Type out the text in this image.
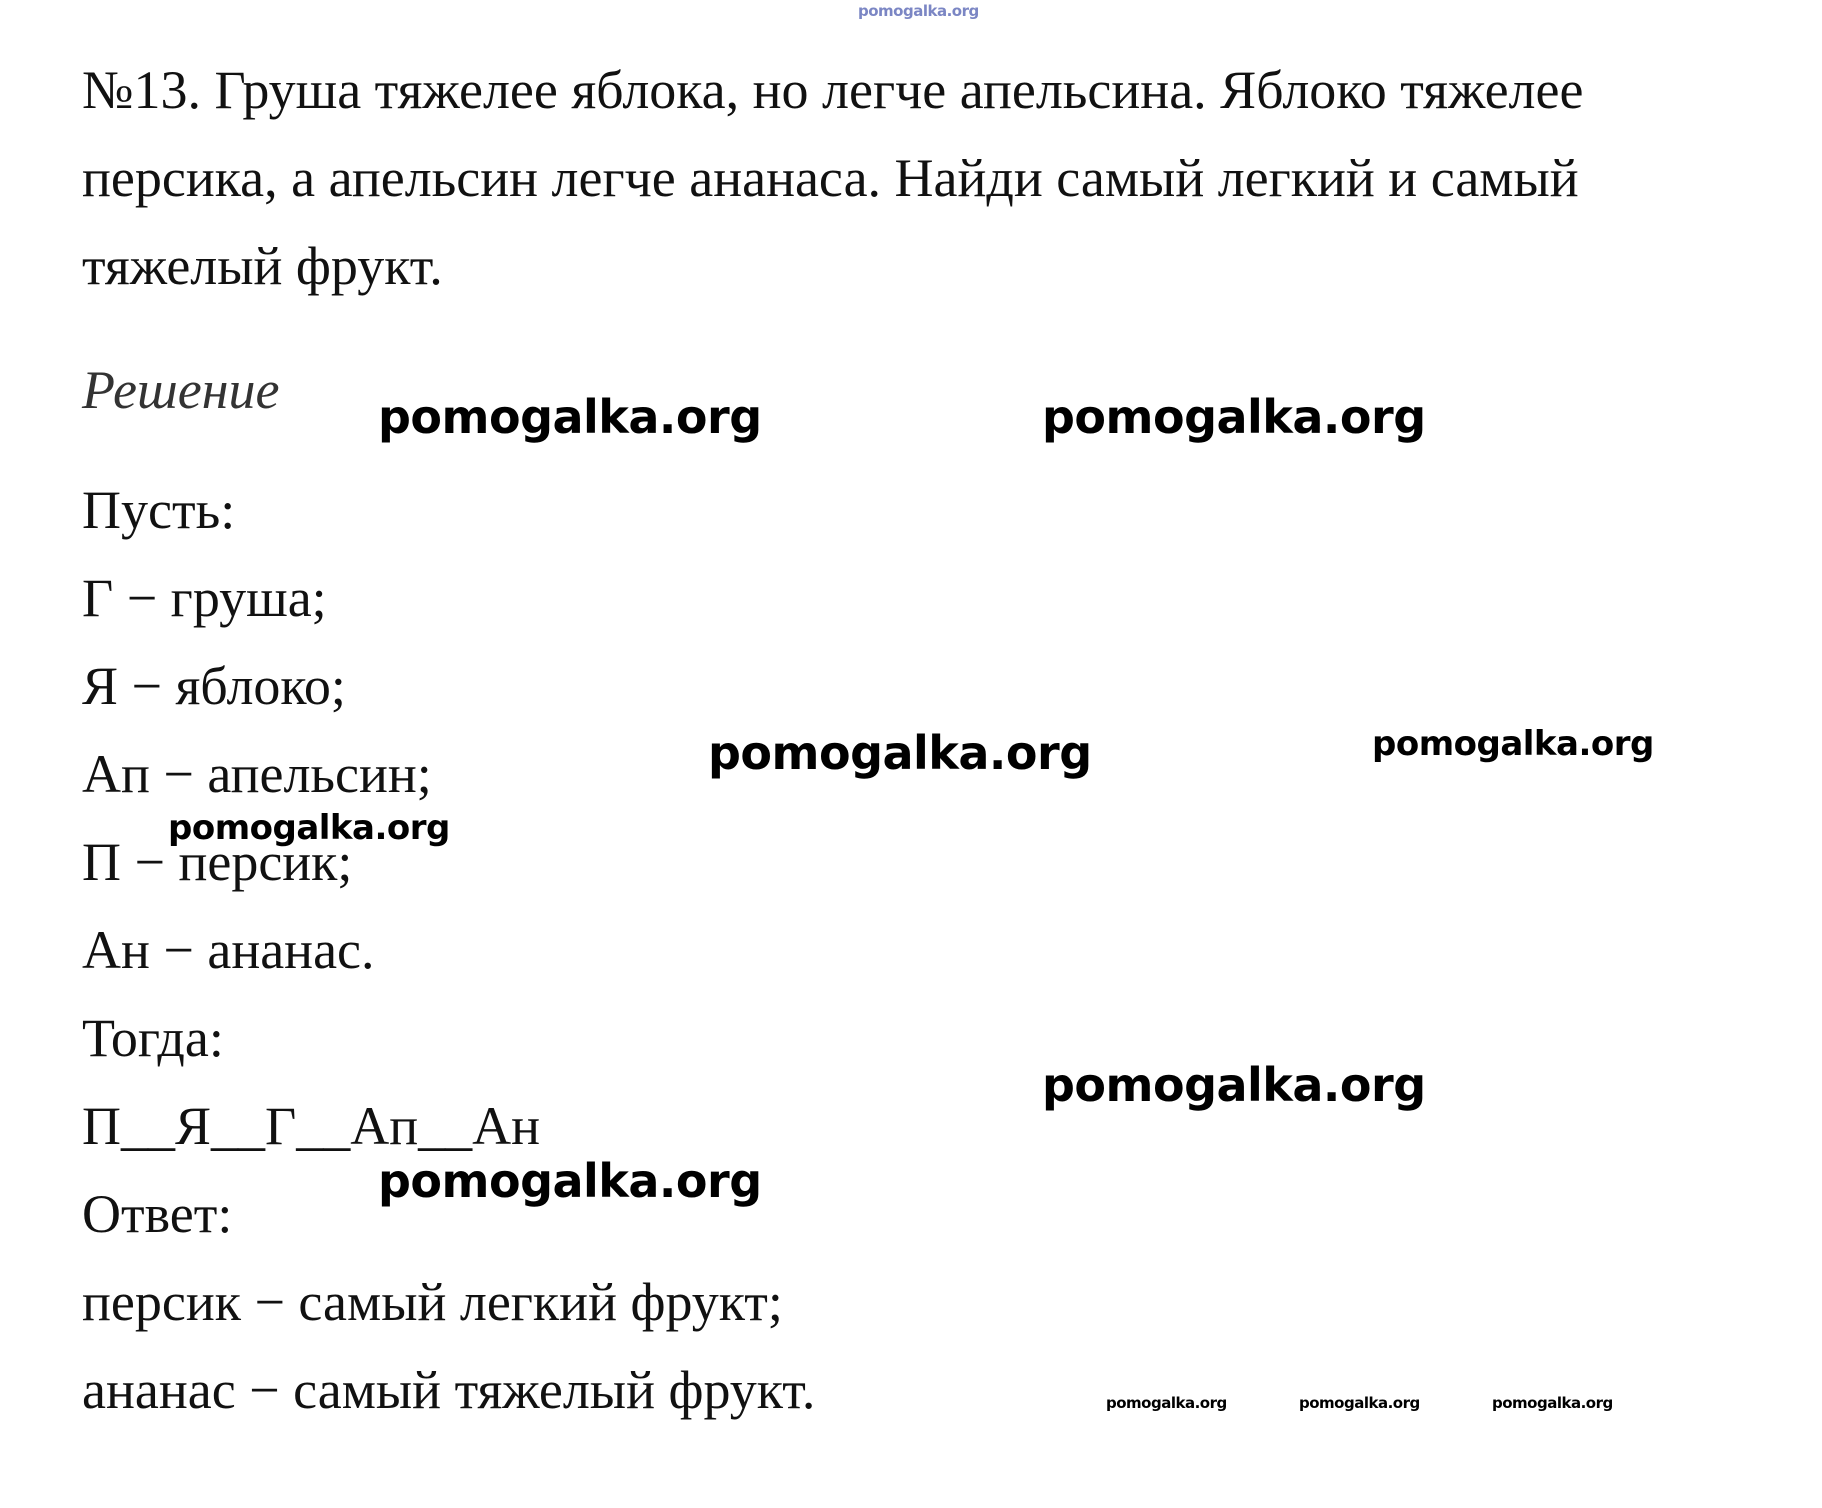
pomogalka.org
№13. Груша тяжелее яблока, но легче апельсина. Яблоко тяжелее персика, а апельсин легче ананаса. Найди самый легкий и самый тяжелый фрукт.
Решение
Пусть:
Г − груша;
Я − яблоко;
Ап − апельсин;
П − персик;
Ан − ананас.
Тогда:
П__Я__Г__Ап__Ан
Ответ:
персик − самый легкий фрукт;
ананас − самый тяжелый фрукт.
pomogalka.org	pomogalka.org
pomogalka.org	pomogalka.org
pomogalka.org
pomogalka.org
pomogalka.org
pomogalka.org	pomogalka.org	pomogalka.org
